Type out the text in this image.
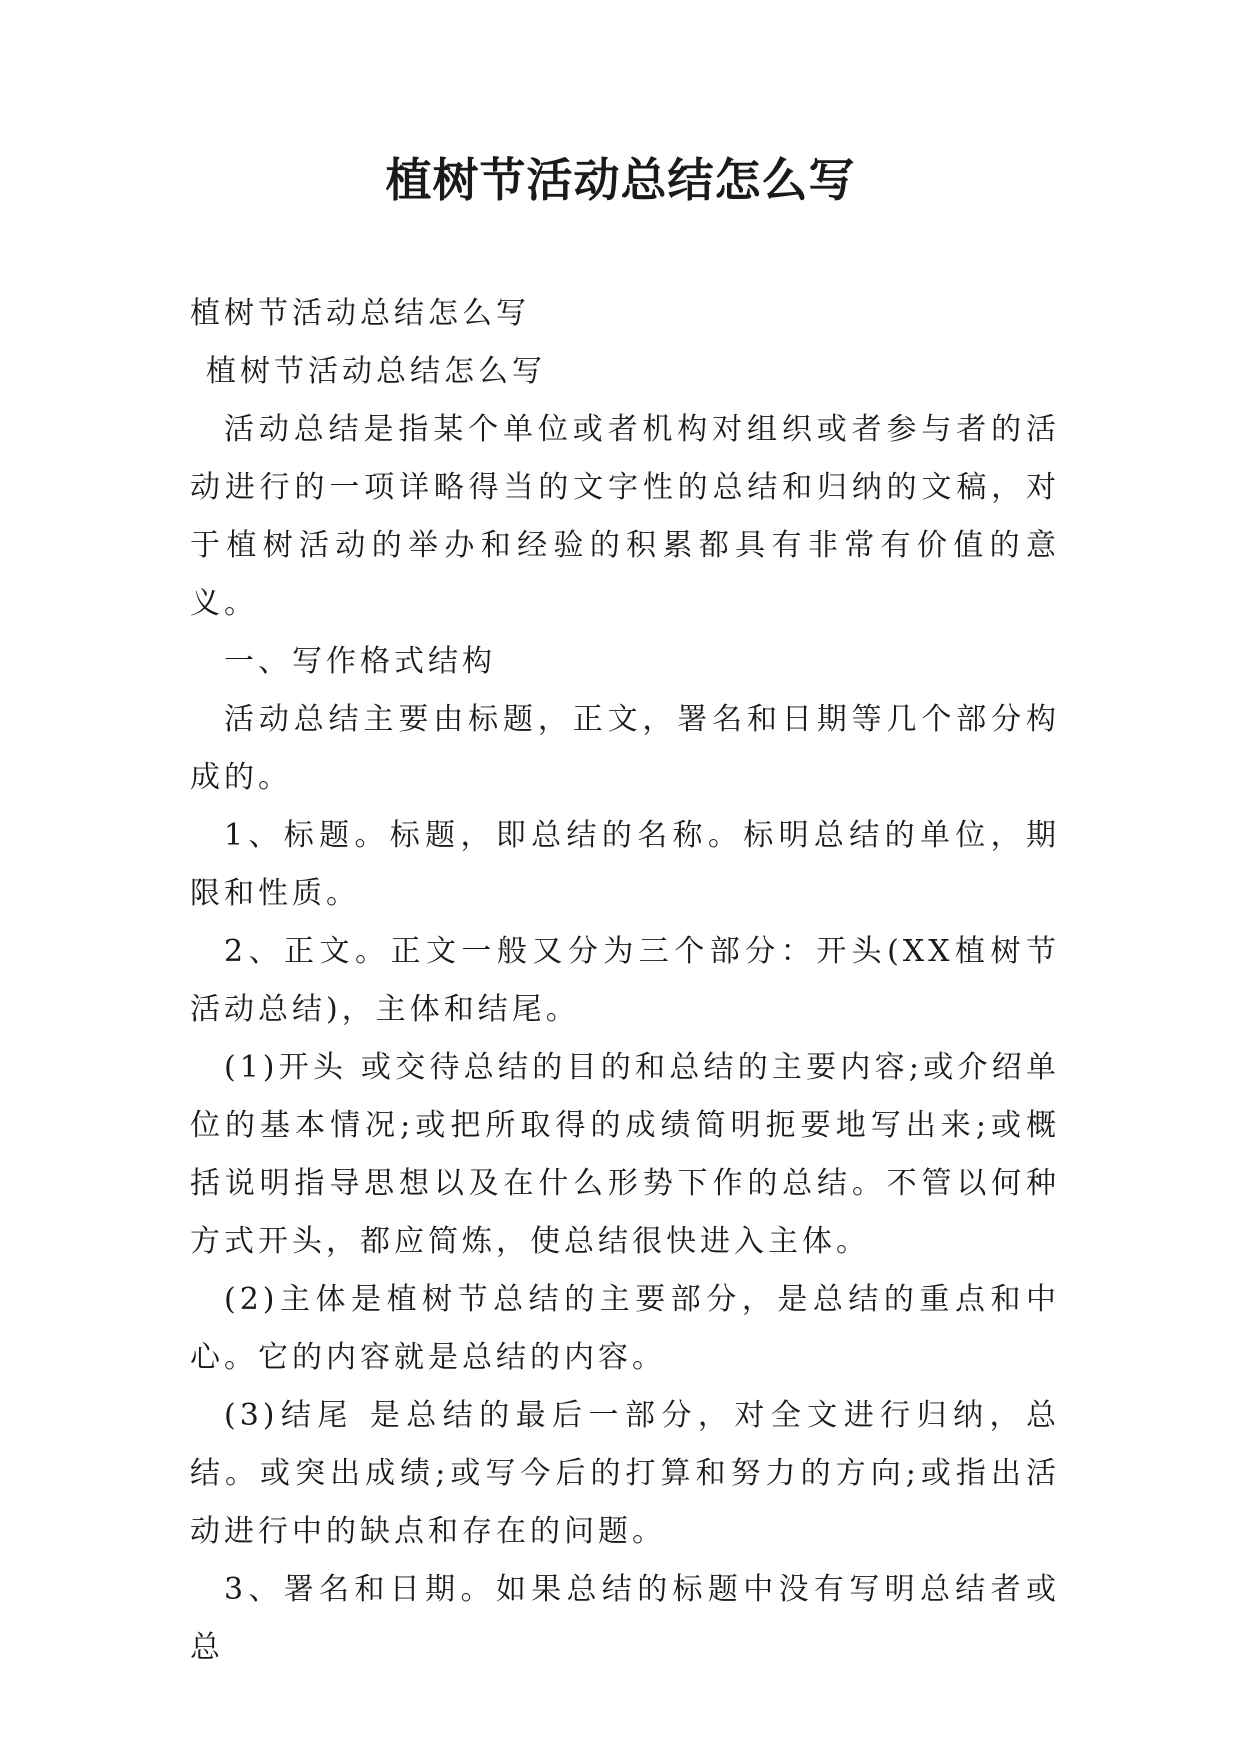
植树节活动总结怎么写

植树节活动总结怎么写

植树节活动总结怎么写

活动总结是指某个单位或者机构对组织或者参与者的活动进行的一项详略得当的文字性的总结和归纳的文稿，对于植树活动的举办和经验的积累都具有非常有价值的意义。

一、写作格式结构

活动总结主要由标题，正文，署名和日期等几个部分构成的。

1、标题。标题，即总结的名称。标明总结的单位，期限和性质。

2、正文。正文一般又分为三个部分：开头(XX植树节活动总结)，主体和结尾。

(1)开头 或交待总结的目的和总结的主要内容;或介绍单位的基本情况;或把所取得的成绩简明扼要地写出来;或概括说明指导思想以及在什么形势下作的总结。不管以何种方式开头，都应简炼，使总结很快进入主体。

(2)主体是植树节总结的主要部分，是总结的重点和中心。它的内容就是总结的内容。

(3)结尾 是总结的最后一部分，对全文进行归纳，总结。或突出成绩;或写今后的打算和努力的方向;或指出活动进行中的缺点和存在的问题。

3、署名和日期。如果总结的标题中没有写明总结者或总
